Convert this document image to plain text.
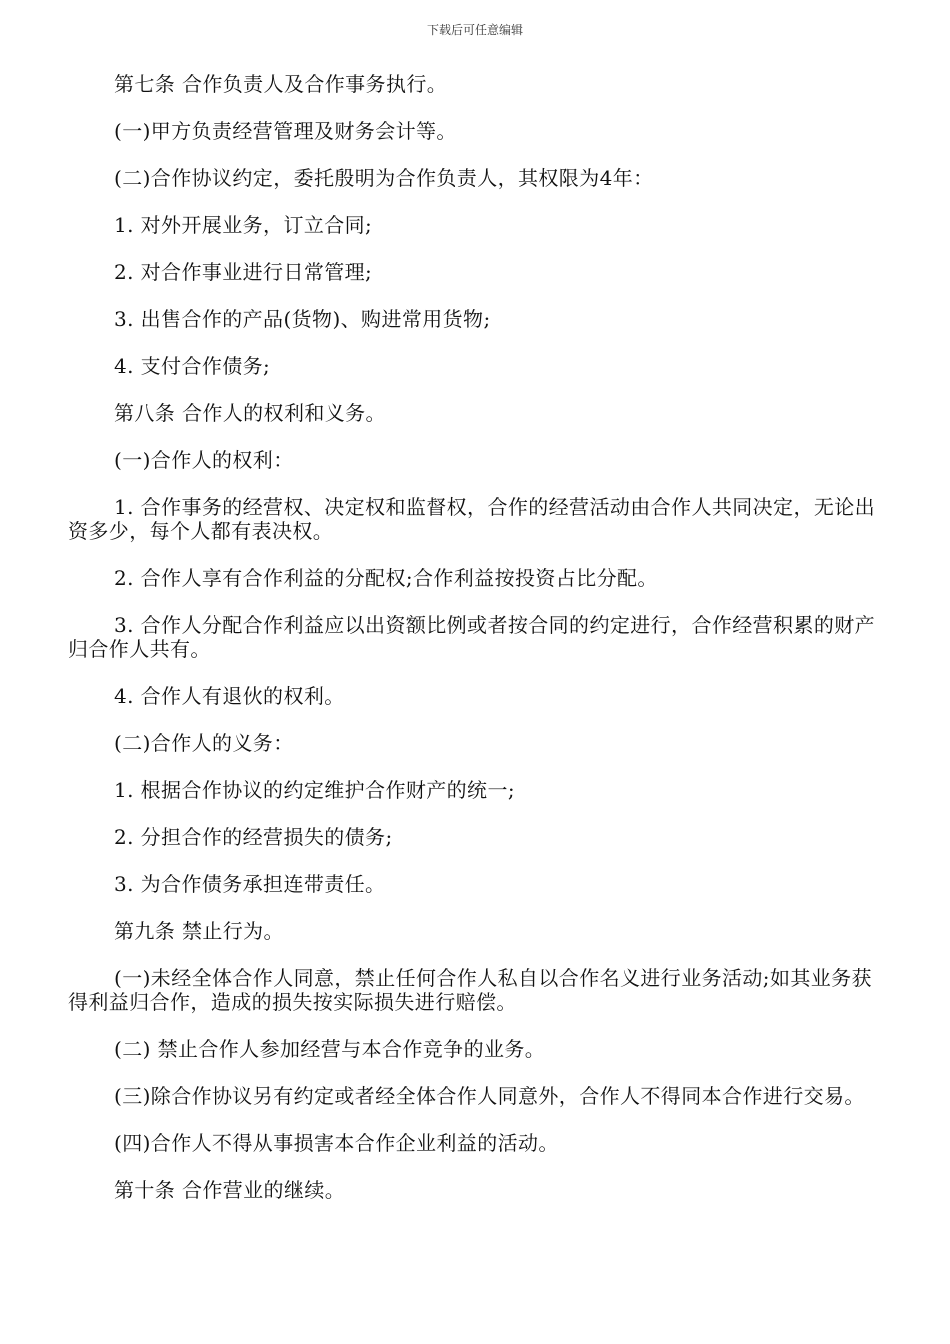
下载后可任意编辑

第七条 合作负责人及合作事务执行。

(一)甲方负责经营管理及财务会计等。

(二)合作协议约定，委托殷明为合作负责人，其权限为4年：

1. 对外开展业务，订立合同;

2. 对合作事业进行日常管理;

3. 出售合作的产品(货物)、购进常用货物;

4. 支付合作债务;

第八条 合作人的权利和义务。

(一)合作人的权利：

1. 合作事务的经营权、决定权和监督权，合作的经营活动由合作人共同决定，无论出资多少，每个人都有表决权。

2. 合作人享有合作利益的分配权;合作利益按投资占比分配。

3. 合作人分配合作利益应以出资额比例或者按合同的约定进行，合作经营积累的财产归合作人共有。

4. 合作人有退伙的权利。

(二)合作人的义务：

1. 根据合作协议的约定维护合作财产的统一;

2. 分担合作的经营损失的债务;

3. 为合作债务承担连带责任。

第九条 禁止行为。

(一)未经全体合作人同意，禁止任何合作人私自以合作名义进行业务活动;如其业务获得利益归合作，造成的损失按实际损失进行赔偿。

(二) 禁止合作人参加经营与本合作竞争的业务。

(三)除合作协议另有约定或者经全体合作人同意外，合作人不得同本合作进行交易。

(四)合作人不得从事损害本合作企业利益的活动。

第十条 合作营业的继续。
